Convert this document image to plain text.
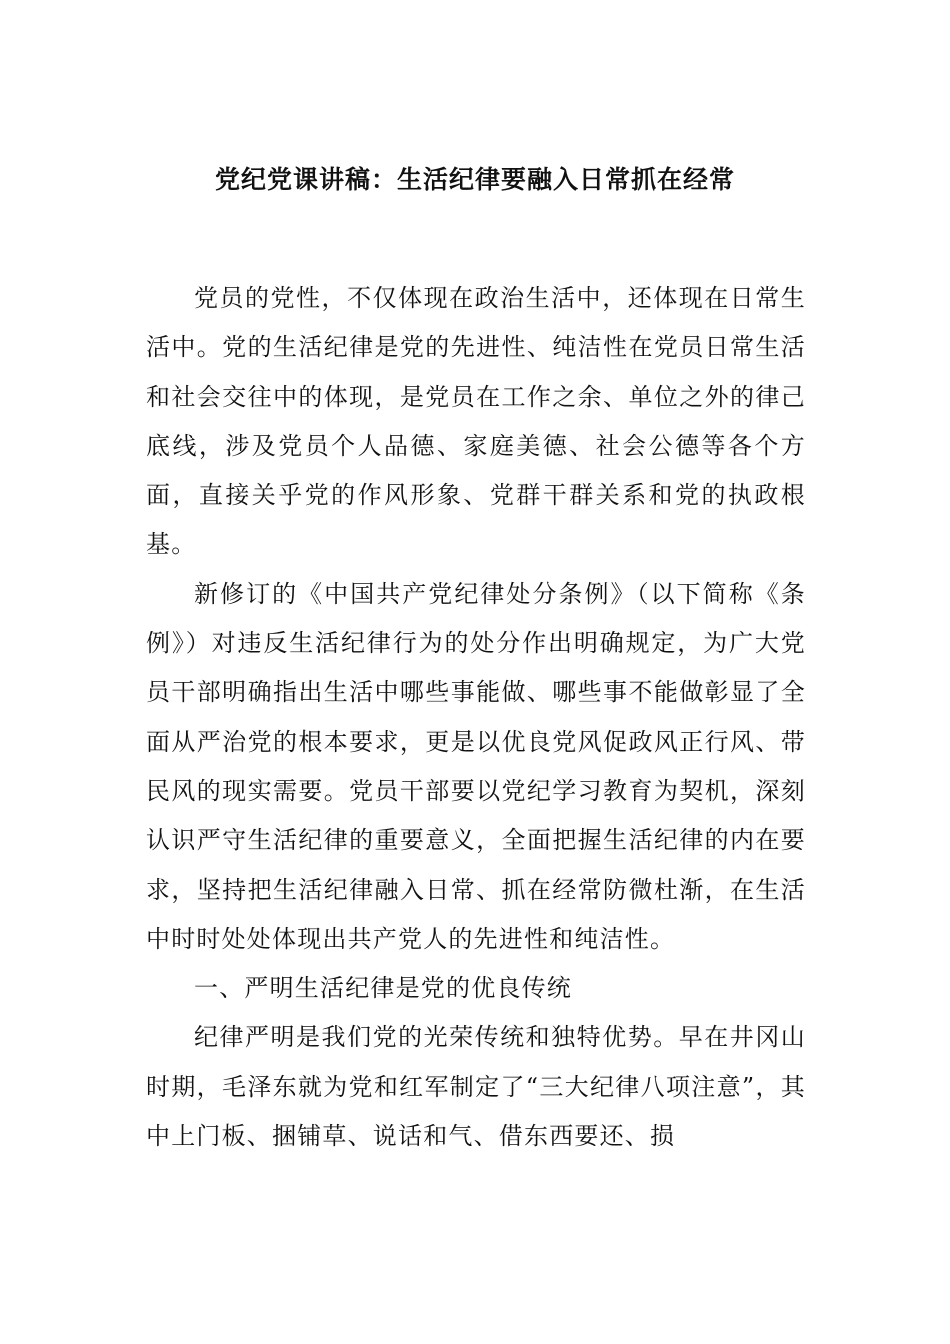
党纪党课讲稿：生活纪律要融入日常抓在经常

党员的党性，不仅体现在政治生活中，还体现在日常生活中。党的生活纪律是党的先进性、纯洁性在党员日常生活和社会交往中的体现，是党员在工作之余、单位之外的律己底线，涉及党员个人品德、家庭美德、社会公德等各个方面，直接关乎党的作风形象、党群干群关系和党的执政根基。

新修订的《中国共产党纪律处分条例》（以下简称《条例》）对违反生活纪律行为的处分作出明确规定，为广大党员干部明确指出生活中哪些事能做、哪些事不能做彰显了全面从严治党的根本要求，更是以优良党风促政风正行风、带民风的现实需要。党员干部要以党纪学习教育为契机，深刻认识严守生活纪律的重要意义，全面把握生活纪律的内在要求，坚持把生活纪律融入日常、抓在经常防微杜渐，在生活中时时处处体现出共产党人的先进性和纯洁性。

一、严明生活纪律是党的优良传统

纪律严明是我们党的光荣传统和独特优势。早在井冈山时期，毛泽东就为党和红军制定了“三大纪律八项注意”，其中上门板、捆铺草、说话和气、借东西要还、损
